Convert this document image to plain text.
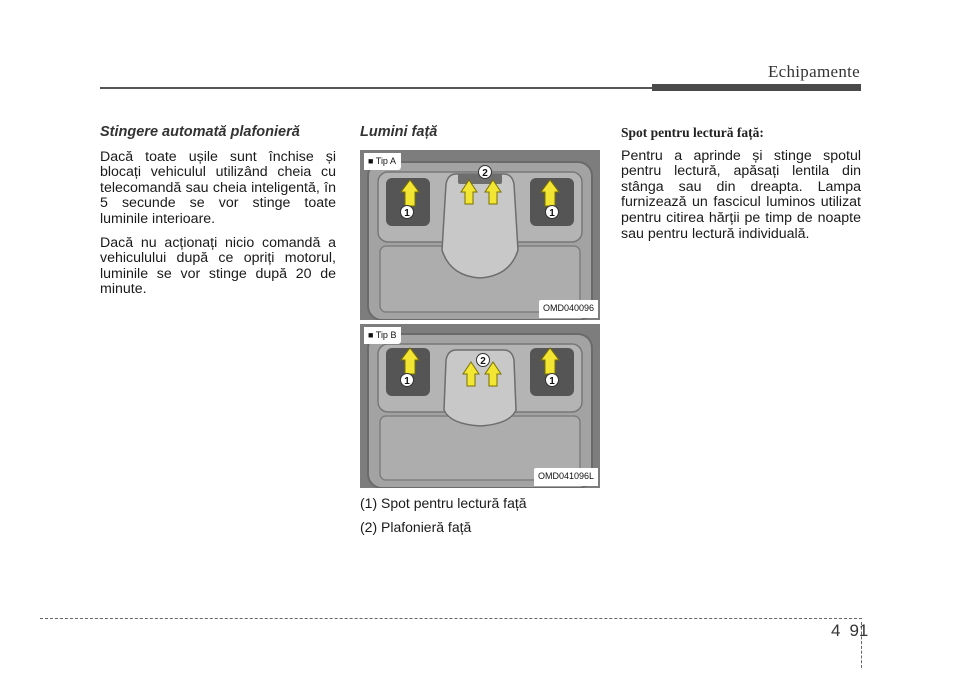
Echipamente

Stingere automată plafonieră

Dacă toate ușile sunt închise și blocați vehiculul utilizând cheia cu telecomandă sau cheia inteligentă, în 5 secunde se vor stinge toate luminile interioare.

Dacă nu acționați nicio comandă a vehiculului după ce opriți motorul, luminile se vor stinge după 20 de minute.

Lumini față

1	1
2
■ Tip A
OMD040096
1	1
2
■ Tip B
OMD041096L

(1) Spot pentru lectură față

(2) Plafonieră față

Spot pentru lectură față:

Pentru a aprinde și stinge spotul pentru lectură, apăsați lentila din stânga sau din dreapta. Lampa furnizează un fascicul luminos utilizat pentru citirea hărții pe timp de noapte sau pentru lectură individuală.

4 91
